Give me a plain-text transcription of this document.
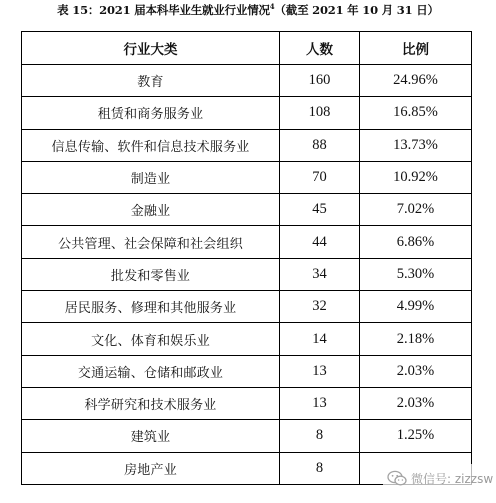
表 15：2021 届本科毕业生就业行业情况$^4$（截至 2021 年 10 月 31 日）
行业大类	人数	比例
教育	160	24.96%
租赁和商务服务业	108	16.85%
信息传输、软件和信息技术服务业	88	13.73%
制造业	70	10.92%
金融业	45	7.02%
公共管理、社会保障和社会组织	44	6.86%
批发和零售业	34	5.30%
居民服务、修理和其他服务业	32	4.99%
文化、体育和娱乐业	14	2.18%
交通运输、仓储和邮政业	13	2.03%
科学研究和技术服务业	13	2.03%
建筑业	8	1.25%
房地产业	8	
微信号: zizzsw
